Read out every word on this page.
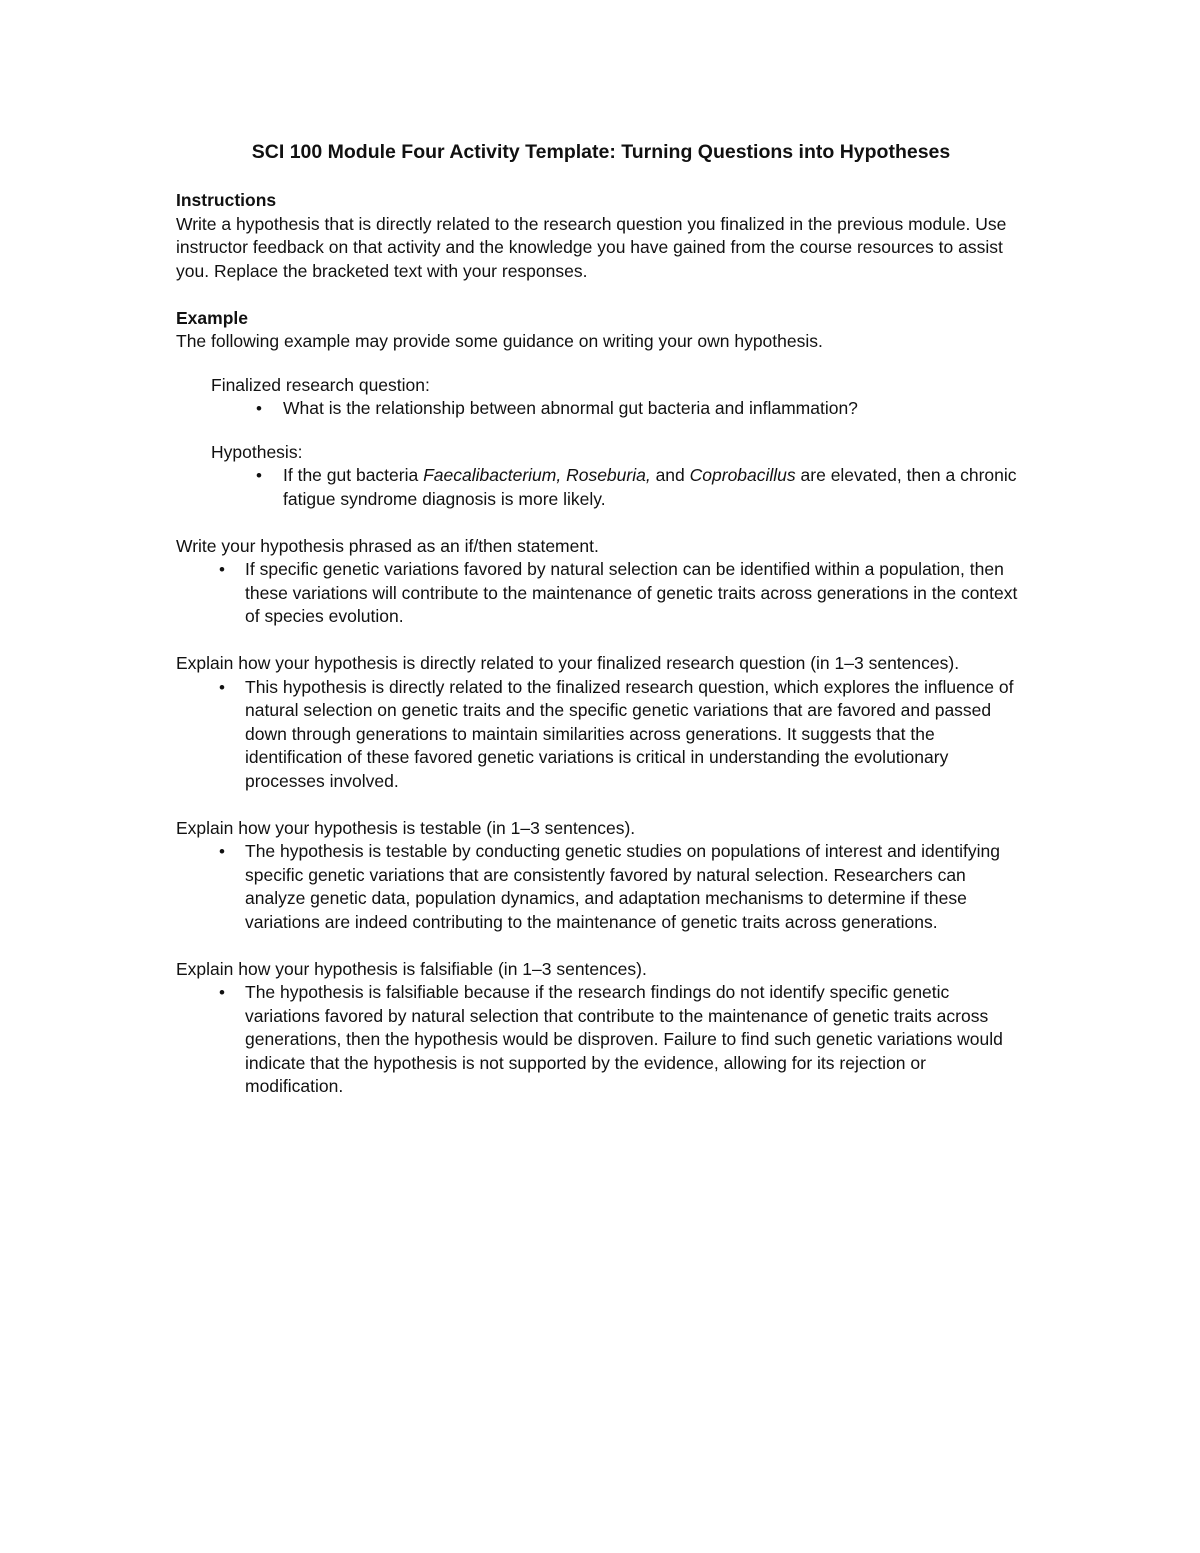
SCI 100 Module Four Activity Template: Turning Questions into Hypotheses

Instructions

Write a hypothesis that is directly related to the research question you finalized in the previous module. Use instructor feedback on that activity and the knowledge you have gained from the course resources to assist you. Replace the bracketed text with your responses.

Example

The following example may provide some guidance on writing your own hypothesis.

Finalized research question:

• What is the relationship between abnormal gut bacteria and inflammation?

Hypothesis:

• If the gut bacteria Faecalibacterium, Roseburia, and Coprobacillus are elevated, then a chronic fatigue syndrome diagnosis is more likely.

Write your hypothesis phrased as an if/then statement.

• If specific genetic variations favored by natural selection can be identified within a population, then these variations will contribute to the maintenance of genetic traits across generations in the context of species evolution.

Explain how your hypothesis is directly related to your finalized research question (in 1–3 sentences).

• This hypothesis is directly related to the finalized research question, which explores the influence of natural selection on genetic traits and the specific genetic variations that are favored and passed down through generations to maintain similarities across generations. It suggests that the identification of these favored genetic variations is critical in understanding the evolutionary processes involved.

Explain how your hypothesis is testable (in 1–3 sentences).

• The hypothesis is testable by conducting genetic studies on populations of interest and identifying specific genetic variations that are consistently favored by natural selection. Researchers can analyze genetic data, population dynamics, and adaptation mechanisms to determine if these variations are indeed contributing to the maintenance of genetic traits across generations.

Explain how your hypothesis is falsifiable (in 1–3 sentences).

• The hypothesis is falsifiable because if the research findings do not identify specific genetic variations favored by natural selection that contribute to the maintenance of genetic traits across generations, then the hypothesis would be disproven. Failure to find such genetic variations would indicate that the hypothesis is not supported by the evidence, allowing for its rejection or modification.
